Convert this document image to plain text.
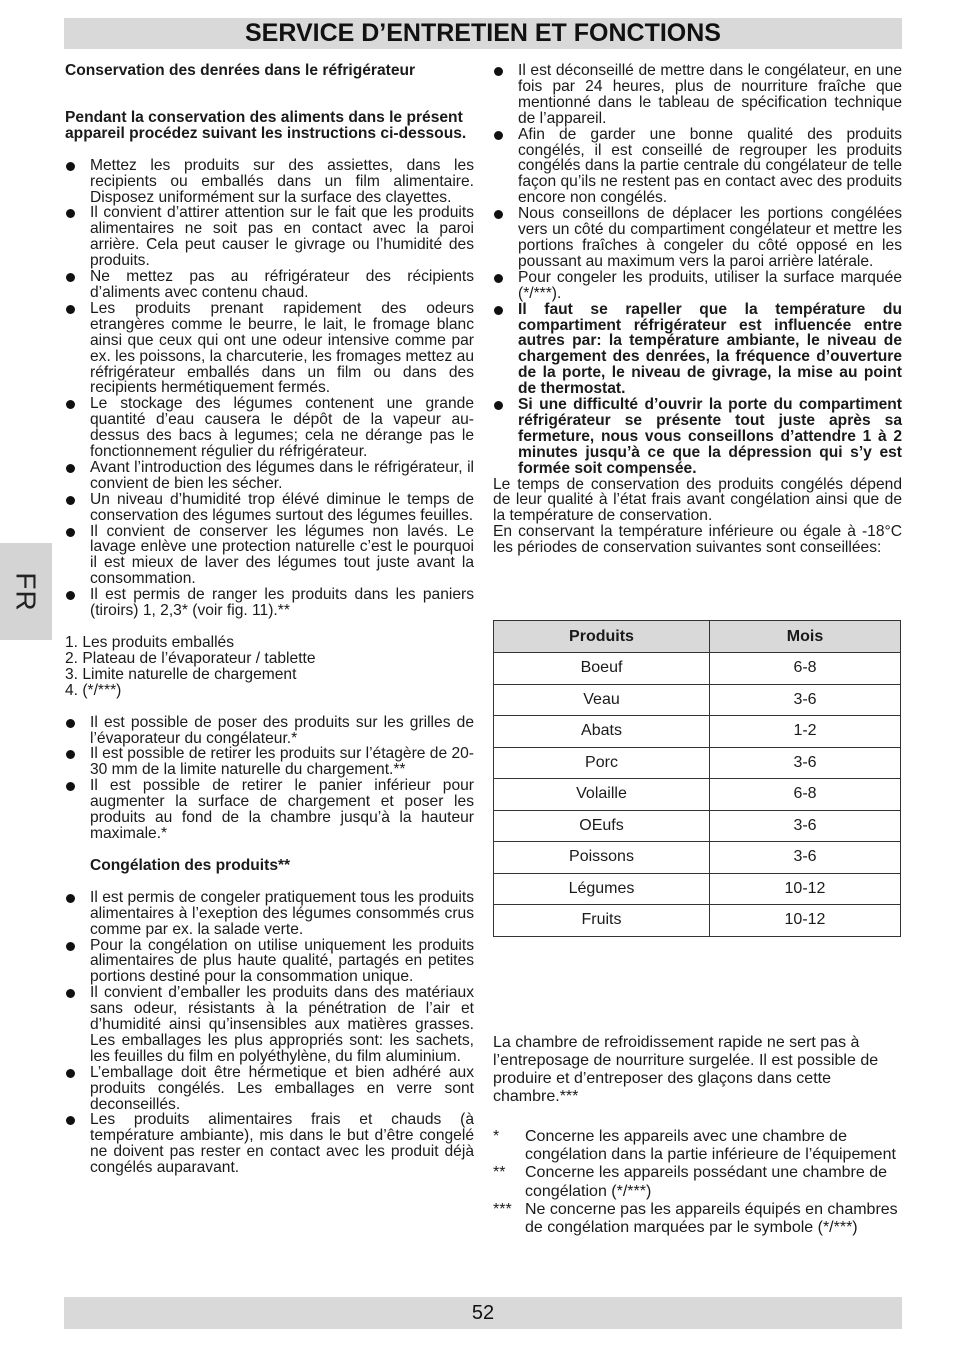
SERVICE D’ENTRETIEN ET FONCTIONS
FR

Conservation des denrées dans le réfrigérateur

Pendant la conservation des aliments dans le présent appareil procédez suivant les instructions ci-dessous.

Mettez les produits sur des assiettes, dans les recipients ou emballés dans un film alimentaire. Disposez uniformément sur la surface des clayettes.
Il convient d’attirer attention sur le fait que les produits alimentaires ne soit pas en contact avec la paroi arrière. Cela peut causer le givrage ou l’humidité des produits.
Ne mettez pas au réfrigérateur des récipients d’aliments avec contenu chaud.
Les produits prenant rapidement des odeurs etrangères comme le beurre, le lait, le fromage blanc ainsi que ceux qui ont une odeur intensive comme par ex. les poissons, la charcuterie, les fromages mettez au réfrigérateur emballés dans un film ou dans des recipients hermétiquement fermés.
Le stockage des légumes contenent une grande quantité d’eau causera le dépôt de la vapeur au-dessus des bacs à legumes; cela ne dérange pas le fonctionnement régulier du réfrigérateur.
Avant l’introduction des légumes dans le réfrigérateur, il convient de bien les sécher.
Un niveau d’humidité trop élévé diminue le temps de conservation des légumes surtout des légumes feuilles.
Il convient de conserver les légumes non lavés. Le lavage enlève une protection naturelle c’est le pourquoi il est mieux de laver des légumes tout juste avant la consommation.
Il est permis de ranger les produits dans les paniers (tiroirs) 1, 2,3* (voir fig. 11).**

1. Les produits emballés

2. Plateau de l’évaporateur / tablette

3. Limite naturelle de chargement

4. (*/***)

Il est possible de poser des produits sur les grilles de l’évaporateur du congélateur.*
Il est possible de retirer les produits sur l’étagère de 20-30 mm de la limite naturelle du chargement.**
Il est possible de retirer le panier inférieur pour augmenter la surface de chargement et poser les produits au fond de la chambre jusqu’à la hauteur maximale.*

Congélation des produits**

Il est permis de congeler pratiquement tous les produits alimentaires à l’exeption des légumes consommés crus comme par ex. la salade verte.
Pour la congélation on utilise uniquement les produits alimentaires de plus haute qualité, partagés en petites portions destiné pour la consommation unique.
Il convient d’emballer les produits dans des matériaux sans odeur, résistants à la pénétration de l’air et d’humidité ainsi qu’insensibles aux matières grasses. Les emballages les plus appropriés sont: les sachets, les feuilles du film en polyéthylène, du film aluminium.
L’emballage doit être hérmetique et bien adhéré aux produits congélés. Les emballages en verre sont deconseillés.
Les produits alimentaires frais et chauds (à température ambiante), mis dans le but d’être congelé ne doivent pas rester en contact avec les produit déjà congélés auparavant.
Il est déconseillé de mettre dans le congélateur, en une fois par 24 heures, plus de nourriture fraîche que mentionné dans le tableau de spécification technique de l’appareil.
Afin de garder une bonne qualité des produits congélés, il est conseillé de regrouper les produits congélés dans la partie centrale du congélateur de telle façon qu’ils ne restent pas en contact avec des produits encore non congélés.
Nous conseillons de déplacer les portions congélées vers un côté du compartiment congélateur et mettre les portions fraîches à congeler du côté opposé en les poussant au maximum vers la paroi arrière latérale.
Pour congeler les produits, utiliser la surface marquée (*/***).
Il faut se rapeller que la température du compartiment réfrigérateur est influencée entre autres par: la température ambiante, le niveau de chargement des denrées, la fréquence d’ouverture de la porte, le niveau de givrage, la mise au point de thermostat.
Si une difficulté d’ouvrir la porte du compartiment réfrigérateur se présente tout juste après sa fermeture, nous vous conseillons d’attendre 1 à 2 minutes jusqu’à ce que la dépression qui s’y est formée soit compensée.

Le temps de conservation des produits congélés dépend de leur qualité à l’état frais avant congélation ainsi que de la température de conservation.

En conservant la température inférieure ou égale à -18°C les périodes de conservation suivantes sont conseillées:

Produits	Mois
Boeuf	6-8
Veau	3-6
Abats	1-2
Porc	3-6
Volaille	6-8
OEufs	3-6
Poissons	3-6
Légumes	10-12
Fruits	10-12

La chambre de refroidissement rapide ne sert pas à l’entreposage de nourriture surgelée. Il est possible de produire et d’entreposer des glaçons dans cette chambre.***

* Concerne les appareils avec une chambre de congélation dans la partie inférieure de l’équipement
** Concerne les appareils possédant une chambre de congélation (*/***)
*** Ne concerne pas les appareils équipés en chambres de congélation marquées par le symbole (*/***)
52
